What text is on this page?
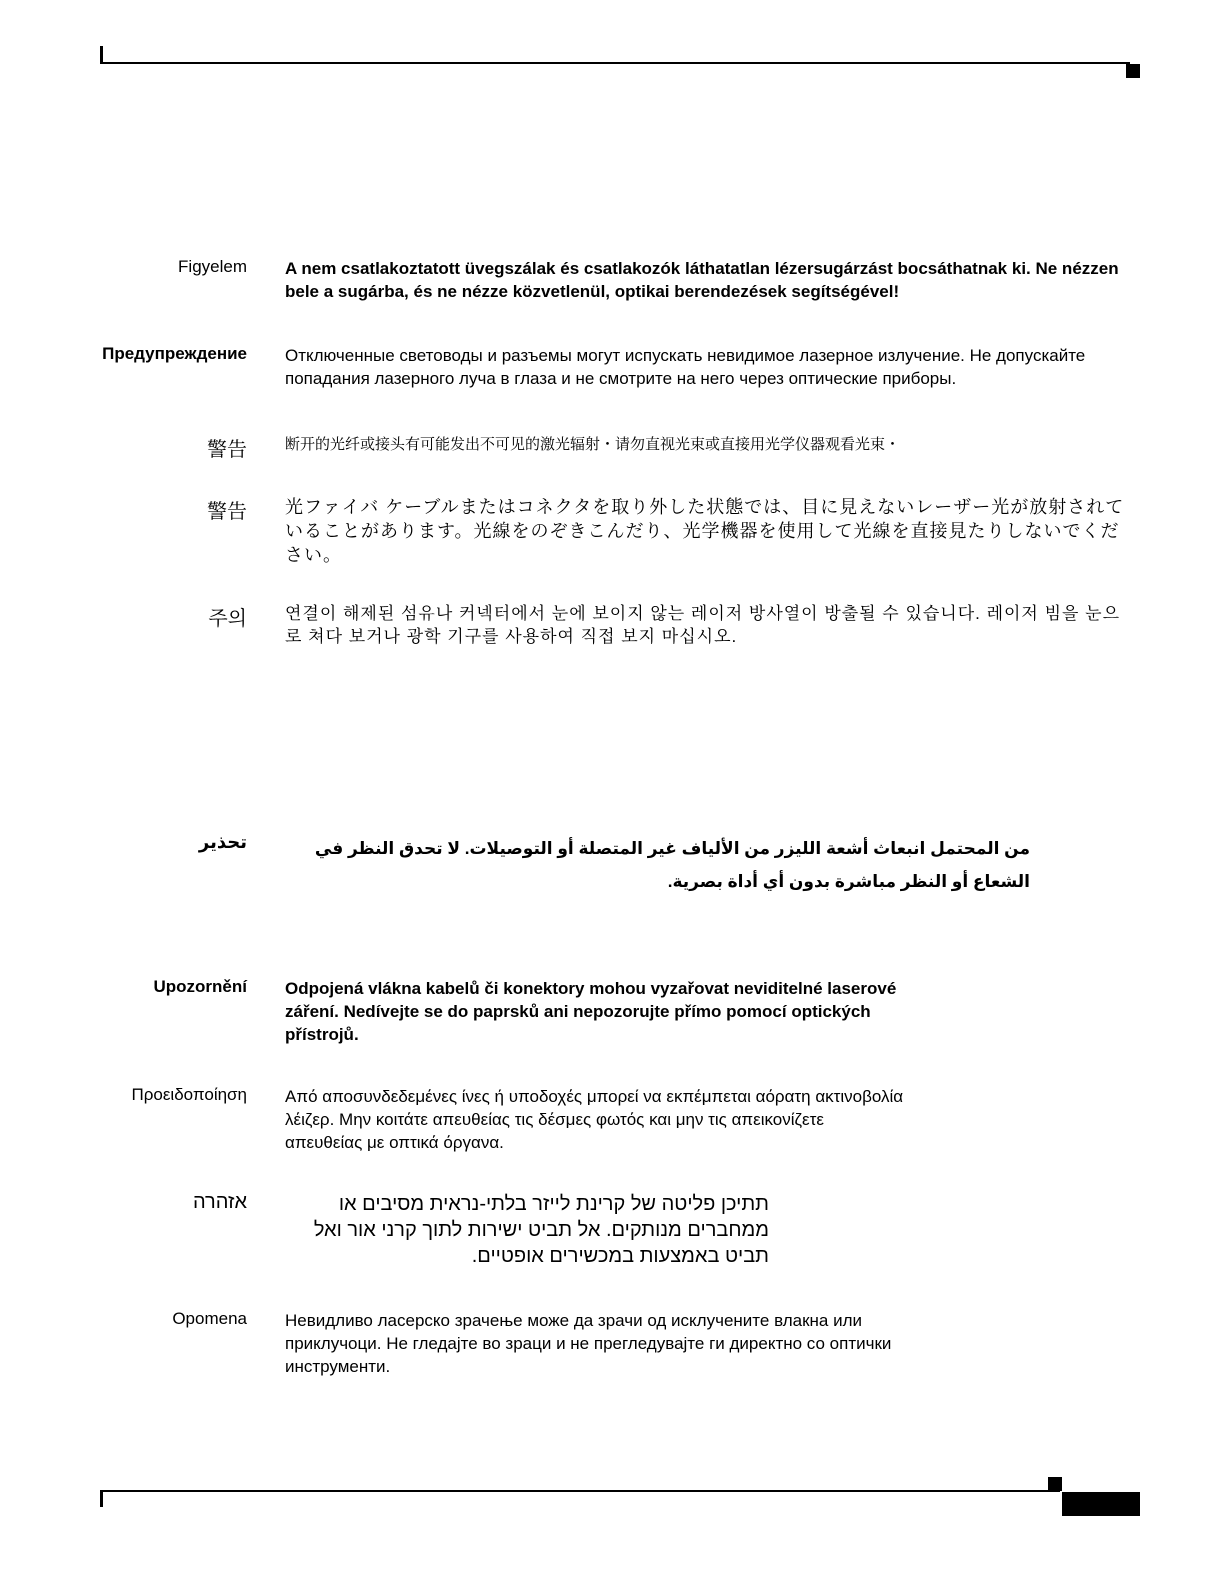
Figyelem A nem csatlakoztatott üvegszálak és csatlakozók láthatatlan lézersugárzást bocsáthatnak ki. Ne nézzen bele a sugárba, és ne nézze közvetlenül, optikai berendezések segítségével!
Предупреждение Отключенные световоды и разъемы могут испускать невидимое лазерное излучение. Не допускайте попадания лазерного луча в глаза и не смотрите на него через оптические приборы.
警告	断开的光纤或接头有可能发出不可见的激光辐射・请勿直视光束或直接用光学仪器观看光束・
警告 光ファイバ ケーブルまたはコネクタを取り外した状態では、目に見えないレーザー光が放射されていることがあります。光線をのぞきこんだり、光学機器を使用して光線を直接見たりしないでください。
주의 연결이 해제된 섬유나 커넥터에서 눈에 보이지 않는 레이저 방사열이 방출될 수 있습니다. 레이저 빔을 눈으로 쳐다 보거나 광학 기구를 사용하여 직접 보지 마십시오.
تحذير	من المحتمل انبعاث أشعة الليزر من الألياف غير المتصلة أو التوصيلات. لا تحدق النظر في الشعاع أو النظر مباشرة بدون أي أداة بصرية.
Upozornění Odpojená vlákna kabelů či konektory mohou vyzařovat neviditelné laserové záření. Nedívejte se do paprsků ani nepozorujte přímo pomocí optických přístrojů.
Προειδοποίηση Από αποσυνδεδεμένες ίνες ή υποδοχές μπορεί να εκπέμπεται αόρατη ακτινοβολία λέιζερ. Μην κοιτάτε απευθείας τις δέσμες φωτός και μην τις απεικονίζετε απευθείας με οπτικά όργανα.
אזהרה	תתיכן פליטה של קרינת לייזר בלתי-נראית מסיבים או ממחברים מנותקים. אל תביט ישירות לתוך קרני אור ואל תביט באמצעות במכשירים אופטיים.
Opomena Невидливо ласерско зрачење може да зрачи од исклучените влакна или приклучоци. Не гледајте во зраци и не прегледувајте ги директно со оптички инструменти.
